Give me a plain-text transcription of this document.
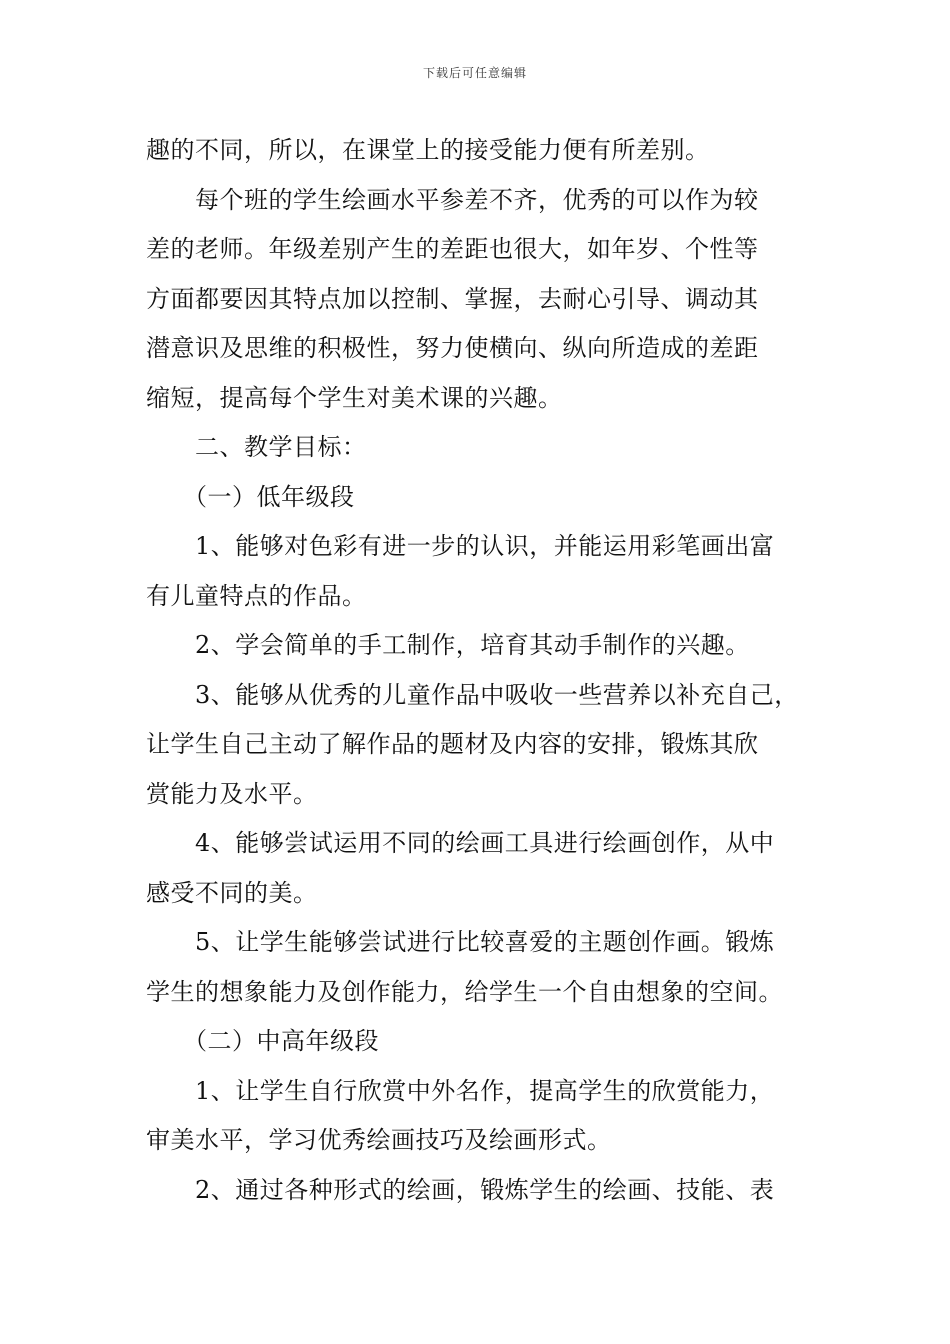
下载后可任意编辑
趣的不同，所以，在课堂上的接受能力便有所差别。
每个班的学生绘画水平参差不齐，优秀的可以作为较
差的老师。年级差别产生的差距也很大，如年岁、个性等
方面都要因其特点加以控制、掌握，去耐心引导、调动其
潜意识及思维的积极性，努力使横向、纵向所造成的差距
缩短，提高每个学生对美术课的兴趣。
二、教学目标：
（一）低年级段
1、能够对色彩有进一步的认识，并能运用彩笔画出富
有儿童特点的作品。
2、学会简单的手工制作，培育其动手制作的兴趣。
3、能够从优秀的儿童作品中吸收一些营养以补充自己，
让学生自己主动了解作品的题材及内容的安排，锻炼其欣
赏能力及水平。
4、能够尝试运用不同的绘画工具进行绘画创作，从中
感受不同的美。
5、让学生能够尝试进行比较喜爱的主题创作画。锻炼
学生的想象能力及创作能力，给学生一个自由想象的空间。
（二）中高年级段
1、让学生自行欣赏中外名作，提高学生的欣赏能力，
审美水平，学习优秀绘画技巧及绘画形式。
2、通过各种形式的绘画，锻炼学生的绘画、技能、表
